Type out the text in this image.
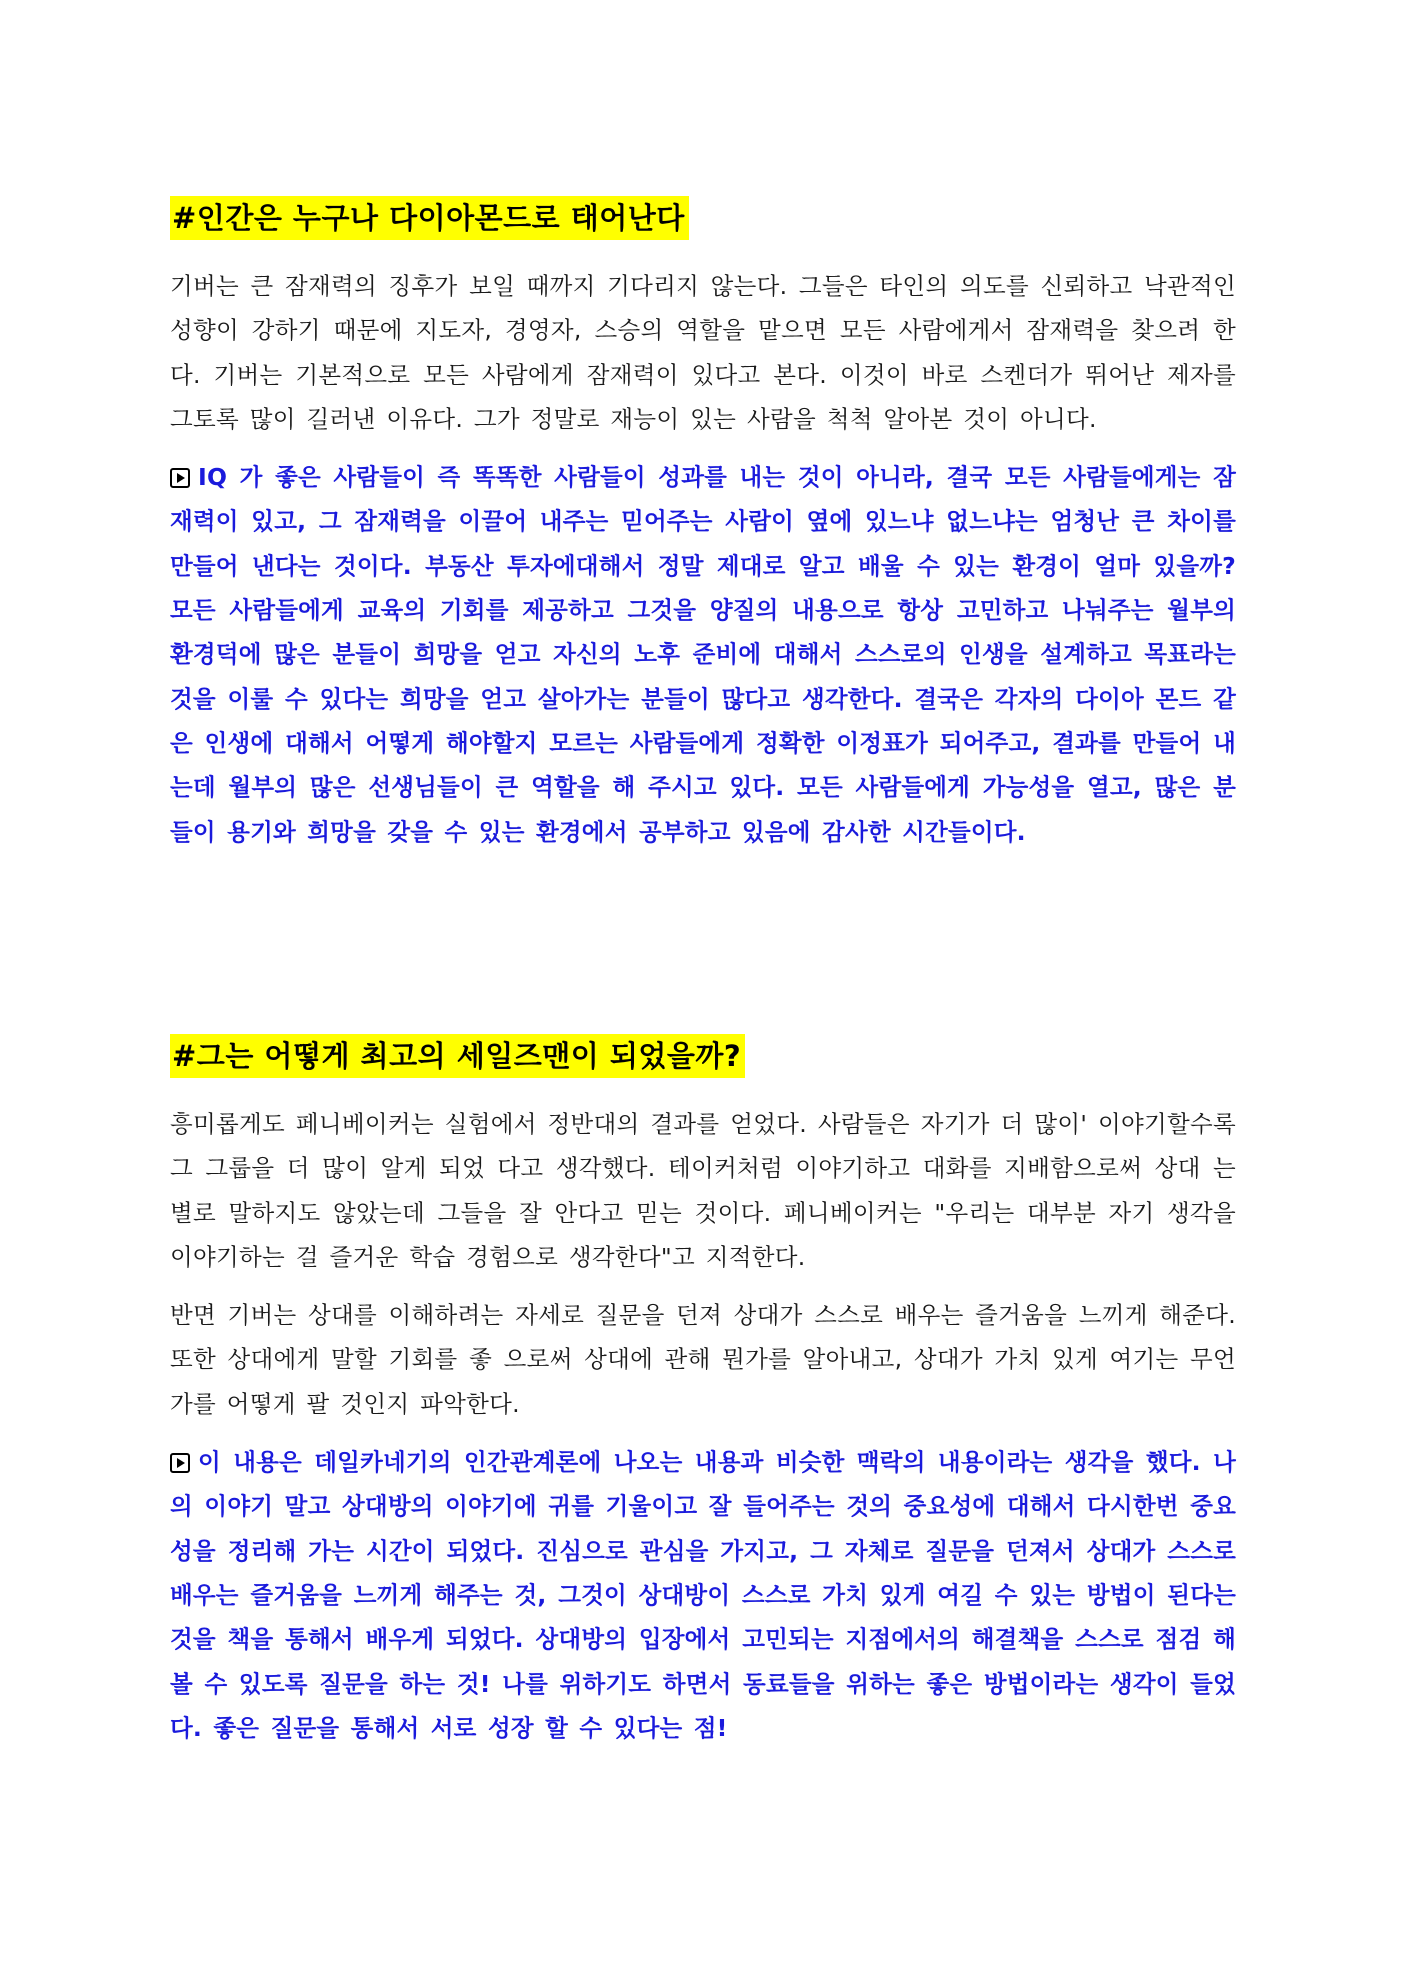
#인간은 누구나 다이아몬드로 태어난다

기버는 큰 잠재력의 징후가 보일 때까지 기다리지 않는다. 그들은 타인의 의도를 신뢰하고 낙관적인 성향이 강하기 때문에 지도자, 경영자, 스승의 역할을 맡으면 모든 사람에게서 잠재력을 찾으려 한다. 기버는 기본적으로 모든 사람에게 잠재력이 있다고 본다. 이것이 바로 스켄더가 뛰어난 제자를 그토록 많이 길러낸 이유다. 그가 정말로 재능이 있는 사람을 척척 알아본 것이 아니다.

IQ 가 좋은 사람들이 즉 똑똑한 사람들이 성과를 내는 것이 아니라, 결국 모든 사람들에게는 잠재력이 있고, 그 잠재력을 이끌어 내주는 믿어주는 사람이 옆에 있느냐 없느냐는 엄청난 큰 차이를 만들어 낸다는 것이다. 부동산 투자에대해서 정말 제대로 알고 배울 수 있는 환경이 얼마 있을까? 모든 사람들에게 교육의 기회를 제공하고 그것을 양질의 내용으로 항상 고민하고 나눠주는 월부의 환경덕에 많은 분들이 희망을 얻고 자신의 노후 준비에 대해서 스스로의 인생을 설계하고 목표라는 것을 이룰 수 있다는 희망을 얻고 살아가는 분들이 많다고 생각한다. 결국은 각자의 다이아 몬드 같은 인생에 대해서 어떻게 해야할지 모르는 사람들에게 정확한 이정표가 되어주고, 결과를 만들어 내는데 월부의 많은 선생님들이 큰 역할을 해 주시고 있다. 모든 사람들에게 가능성을 열고, 많은 분들이 용기와 희망을 갖을 수 있는 환경에서 공부하고 있음에 감사한 시간들이다.

#그는 어떻게 최고의 세일즈맨이 되었을까?

흥미롭게도 페니베이커는 실험에서 정반대의 결과를 얻었다. 사람들은 자기가 더 많이' 이야기할수록 그 그룹을 더 많이 알게 되었 다고 생각했다. 테이커처럼 이야기하고 대화를 지배함으로써 상대 는 별로 말하지도 않았는데 그들을 잘 안다고 믿는 것이다. 페니베이커는 "우리는 대부분 자기 생각을 이야기하는 걸 즐거운 학습 경험으로 생각한다"고 지적한다.

반면 기버는 상대를 이해하려는 자세로 질문을 던져 상대가 스스로 배우는 즐거움을 느끼게 해준다. 또한 상대에게 말할 기회를 좋 으로써 상대에 관해 뭔가를 알아내고, 상대가 가치 있게 여기는 무언가를 어떻게 팔 것인지 파악한다.

이 내용은 데일카네기의 인간관계론에 나오는 내용과 비슷한 맥락의 내용이라는 생각을 했다. 나의 이야기 말고 상대방의 이야기에 귀를 기울이고 잘 들어주는 것의 중요성에 대해서 다시한번 중요성을 정리해 가는 시간이 되었다. 진심으로 관심을 가지고, 그 자체로 질문을 던져서 상대가 스스로 배우는 즐거움을 느끼게 해주는 것, 그것이 상대방이 스스로 가치 있게 여길 수 있는 방법이 된다는 것을 책을 통해서 배우게 되었다. 상대방의 입장에서 고민되는 지점에서의 해결책을 스스로 점검 해 볼 수 있도록 질문을 하는 것! 나를 위하기도 하면서 동료들을 위하는 좋은 방법이라는 생각이 들었다. 좋은 질문을 통해서 서로 성장 할 수 있다는 점!
